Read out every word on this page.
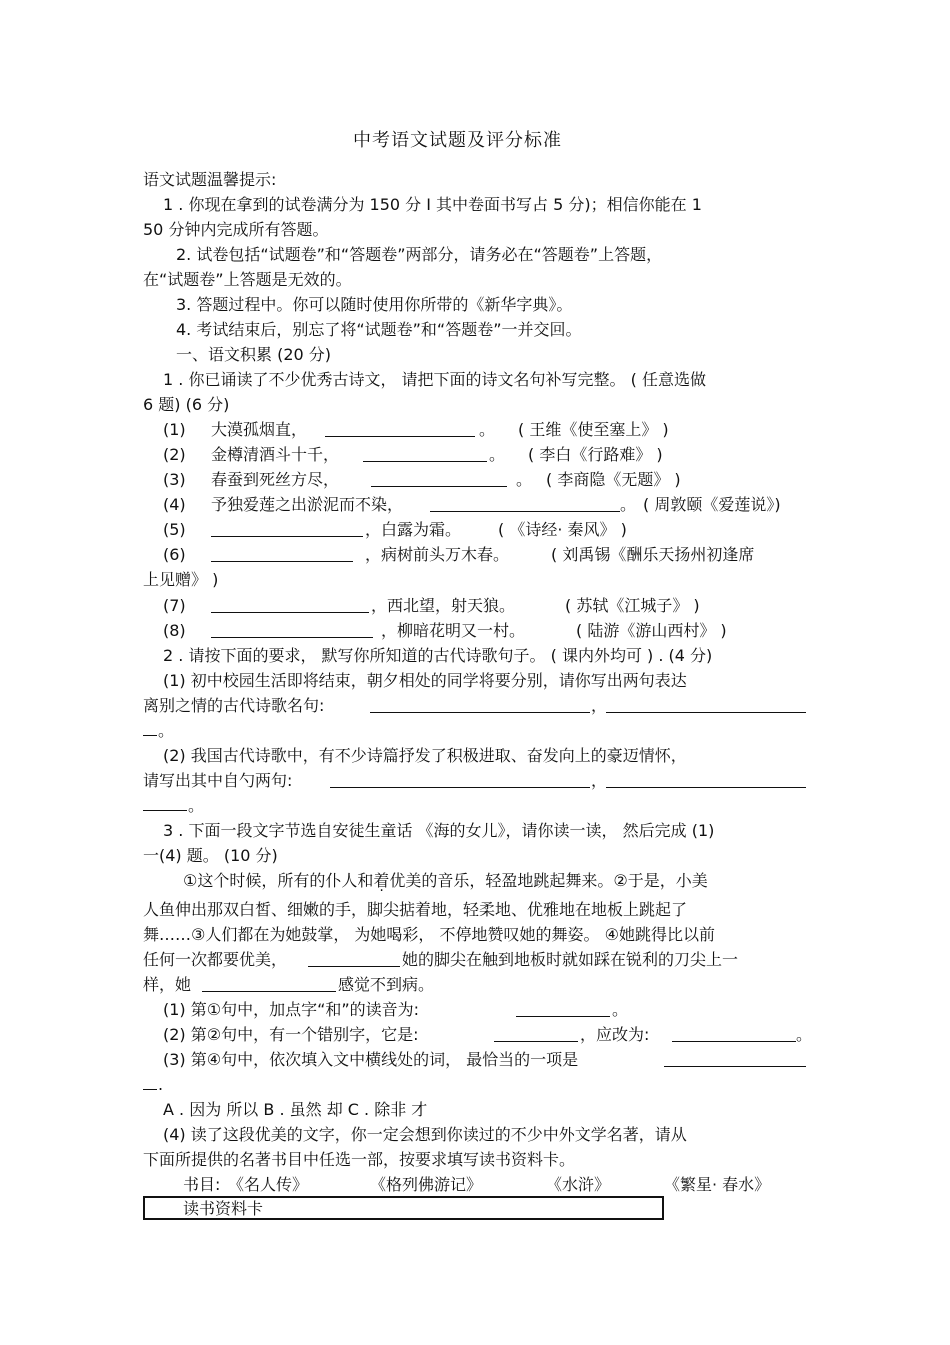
中考语文试题及评分标准
语文试题温馨提示:
1 . 你现在拿到的试卷满分为 150 分 I 其中卷面书写占 5 分)；相信你能在 1
50 分钟内完成所有答题。
2. 试卷包括“试题卷”和“答题卷”两部分，请务必在“答题卷”上答题，
在“试题卷”上答题是无效的。
3. 答题过程中。你可以随时使用你所带的《新华字典》。
4. 考试结束后，别忘了将“试题卷”和“答题卷”一并交回。
一、语文积累 (20 分)
1 . 你已诵读了不少优秀古诗文， 请把下面的诗文名句补写完整。 ( 任意选做
6 题) (6 分)
(1) 大漠孤烟直，	。 ( 王维《使至塞上》 )
(2) 金樽清酒斗十千，	。 ( 李白《行路难》 )
(3) 春蚕到死丝方尽，	。 ( 李商隐《无题》 )
(4) 予独爱莲之出淤泥而不染，	。 ( 周敦颐《爱莲说》)
(5)	，白露为霜。 ( 《诗经· 秦风》 )
(6)	，病树前头万木春。	( 刘禹锡《酬乐天扬州初逢席
上见赠》 )
(7)	，西北望，射天狼。	( 苏轼《江城子》 )
(8)	，柳暗花明又一村。	( 陆游《游山西村》 )
2 . 请按下面的要求， 默写你所知道的古代诗歌句子。 ( 课内外均可 ) . (4 分)
(1) 初中校园生活即将结束，朝夕相处的同学将要分别，请你写出两句表达
离别之情的古代诗歌名句:	，
。
(2) 我国古代诗歌中，有不少诗篇抒发了积极进取、奋发向上的豪迈情怀，
请写出其中自勺两句:	，
。
3 . 下面一段文字节选自安徒生童话 《海的女儿》，请你读一读， 然后完成 (1)
一(4) 题。 (10 分)
①这个时候，所有的仆人和着优美的音乐，轻盈地跳起舞来。②于是，小美
人鱼伸出那双白皙、细嫩的手，脚尖掂着地，轻柔地、优雅地在地板上跳起了
舞……③人们都在为她鼓掌， 为她喝彩， 不停地赞叹她的舞姿。 ④她跳得比以前
任何一次都要优美，	她的脚尖在触到地板时就如踩在锐利的刀尖上一
样，她	感觉不到病。
(1) 第①句中，加点字“和”的读音为:	。
(2) 第②句中，有一个错别字，它是:	，应改为:	。
(3) 第④句中，依次填入文中横线处的词， 最恰当的一项是
.
A . 因为 所以 B . 虽然 却 C . 除非 才
(4) 读了这段优美的文字，你一定会想到你读过的不少中外文学名著，请从
下面所提供的名著书目中任选一部，按要求填写读书资料卡。
书目: 《名人传》	《格列佛游记》	《水浒》	《繁星· 春水》
读书资料卡
